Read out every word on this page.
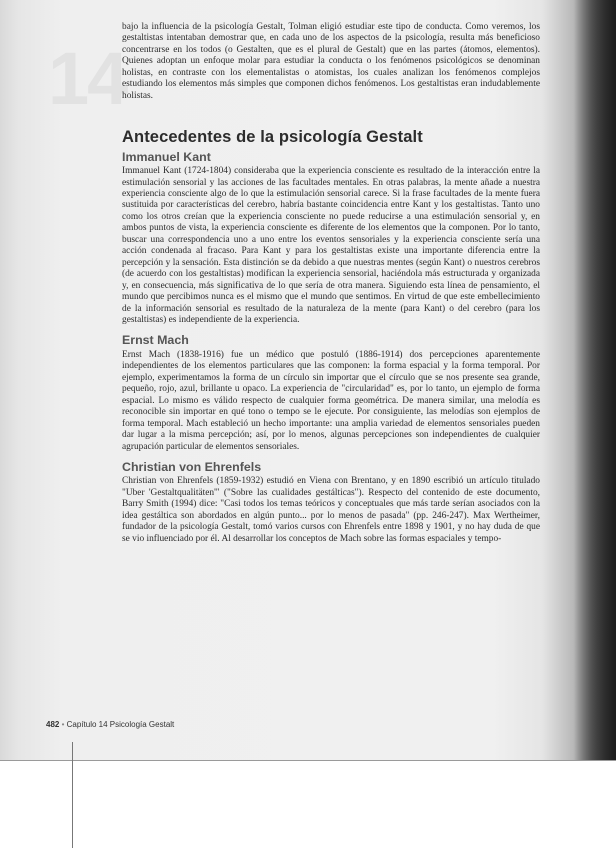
14

bajo la influencia de la psicología Gestalt, Tolman eligió estudiar este tipo de conducta. Como veremos, los gestaltistas intentaban demostrar que, en cada uno de los aspectos de la psicología, resulta más beneficioso concentrarse en los todos (o Gestalten, que es el plural de Gestalt) que en las partes (átomos, elementos). Quienes adoptan un enfoque molar para estudiar la conducta o los fenómenos psicológicos se denominan holistas, en contraste con los elementalistas o atomistas, los cuales analizan los fenómenos complejos estudiando los elementos más simples que componen dichos fenómenos. Los gestaltistas eran indudablemente holistas.

Antecedentes de la psicología Gestalt
Immanuel Kant

Immanuel Kant (1724-1804) consideraba que la experiencia consciente es resultado de la interacción entre la estimulación sensorial y las acciones de las facultades mentales. En otras palabras, la mente añade a nuestra experiencia consciente algo de lo que la estimulación sensorial carece. Si la frase facultades de la mente fuera sustituida por características del cerebro, habría bastante coincidencia entre Kant y los gestaltistas. Tanto uno como los otros creían que la experiencia consciente no puede reducirse a una estimulación sensorial y, en ambos puntos de vista, la experiencia consciente es diferente de los elementos que la componen. Por lo tanto, buscar una correspondencia uno a uno entre los eventos sensoriales y la experiencia consciente sería una acción condenada al fracaso. Para Kant y para los gestaltistas existe una importante diferencia entre la percepción y la sensación. Esta distinción se da debido a que nuestras mentes (según Kant) o nuestros cerebros (de acuerdo con los gestaltistas) modifican la experiencia sensorial, haciéndola más estructurada y organizada y, en consecuencia, más significativa de lo que sería de otra manera. Siguiendo esta línea de pensamiento, el mundo que percibimos nunca es el mismo que el mundo que sentimos. En virtud de que este embellecimiento de la información sensorial es resultado de la naturaleza de la mente (para Kant) o del cerebro (para los gestaltistas) es independiente de la experiencia.

Ernst Mach

Ernst Mach (1838-1916) fue un médico que postuló (1886-1914) dos percepciones aparentemente independientes de los elementos particulares que las componen: la forma espacial y la forma temporal. Por ejemplo, experimentamos la forma de un círculo sin importar que el círculo que se nos presente sea grande, pequeño, rojo, azul, brillante u opaco. La experiencia de "circularidad" es, por lo tanto, un ejemplo de forma espacial. Lo mismo es válido respecto de cualquier forma geométrica. De manera similar, una melodía es reconocible sin importar en qué tono o tempo se le ejecute. Por consiguiente, las melodías son ejemplos de forma temporal. Mach estableció un hecho importante: una amplia variedad de elementos sensoriales pueden dar lugar a la misma percepción; así, por lo menos, algunas percepciones son independientes de cualquier agrupación particular de elementos sensoriales.

Christian von Ehrenfels

Christian von Ehrenfels (1859-1932) estudió en Viena con Brentano, y en 1890 escribió un artículo titulado "Uber 'Gestaltqualitäten'" ("Sobre las cualidades gestálticas"). Respecto del contenido de este documento, Barry Smith (1994) dice: "Casi todos los temas teóricos y conceptuales que más tarde serían asociados con la idea gestáltica son abordados en algún punto... por lo menos de pasada" (pp. 246-247). Max Wertheimer, fundador de la psicología Gestalt, tomó varios cursos con Ehrenfels entre 1898 y 1901, y no hay duda de que se vio influenciado por él. Al desarrollar los conceptos de Mach sobre las formas espaciales y tempo-

482 • Capítulo 14 Psicología Gestalt
